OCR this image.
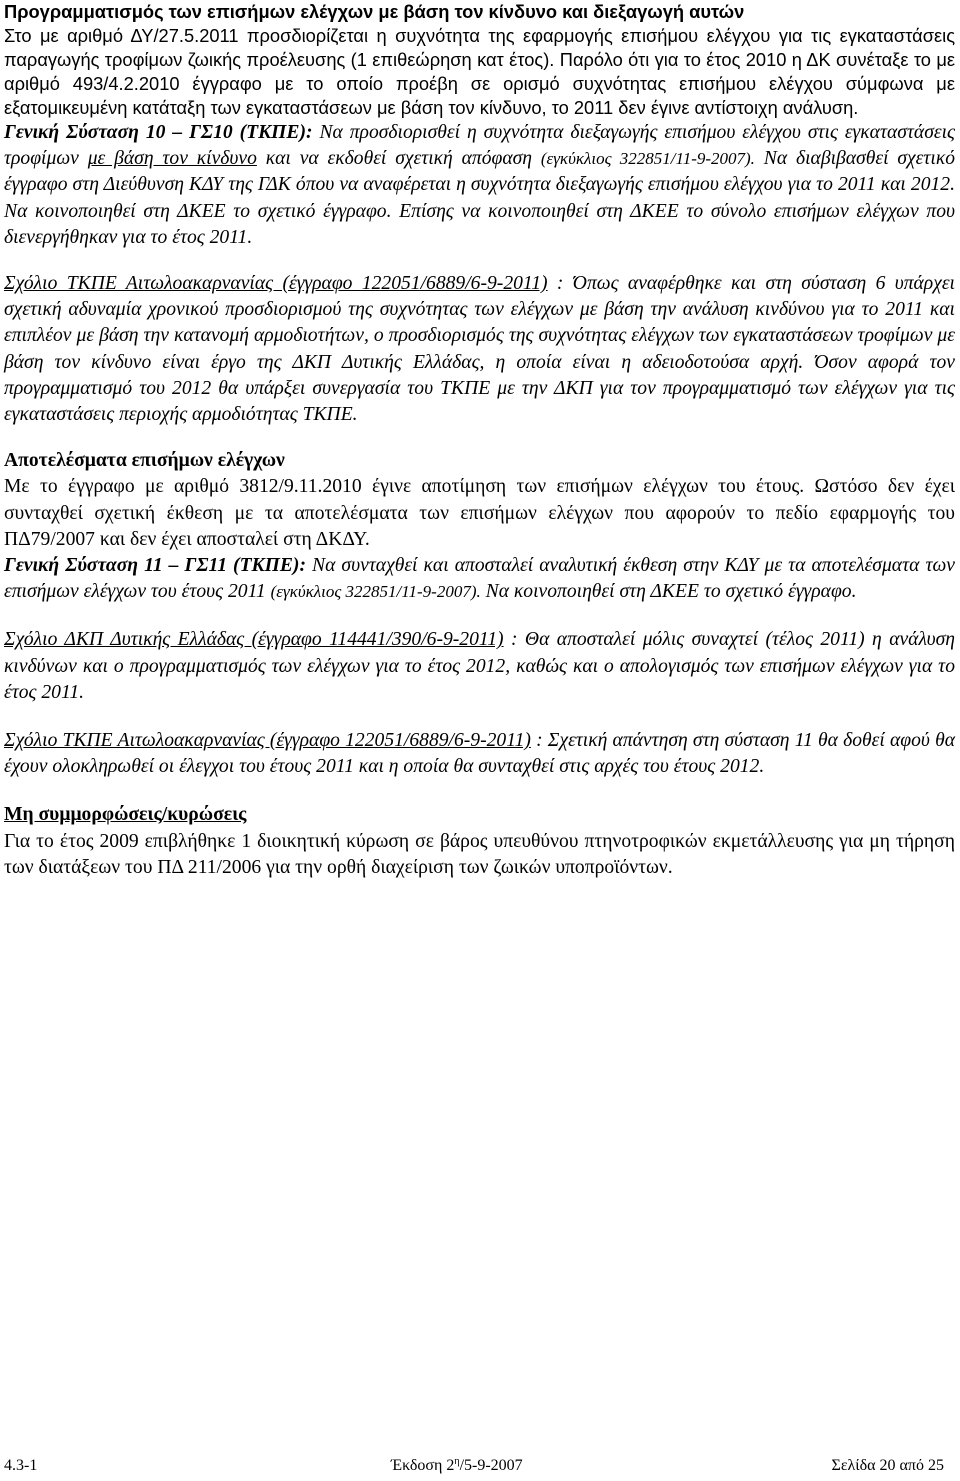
Προγραμματισμός των επισήμων ελέγχων με βάση τον κίνδυνο και διεξαγωγή αυτών

Στο με αριθμό ΔΥ/27.5.2011 προσδιορίζεται η συχνότητα της εφαρμογής επισήμου ελέγχου για τις εγκαταστάσεις παραγωγής τροφίμων ζωικής προέλευσης (1 επιθεώρηση κατ έτος). Παρόλο ότι για το έτος 2010 η ΔΚ συνέταξε το με αριθμό 493/4.2.2010 έγγραφο με το οποίο προέβη σε ορισμό συχνότητας επισήμου ελέγχου σύμφωνα με εξατομικευμένη κατάταξη των εγκαταστάσεων με βάση τον κίνδυνο, το 2011 δεν έγινε αντίστοιχη ανάλυση.

Γενική Σύσταση 10 – ΓΣ10 (ΤΚΠΕ): Να προσδιορισθεί η συχνότητα διεξαγωγής επισήμου ελέγχου στις εγκαταστάσεις τροφίμων με βάση τον κίνδυνο και να εκδοθεί σχετική απόφαση (εγκύκλιος 322851/11-9-2007). Να διαβιβασθεί σχετικό έγγραφο στη Διεύθυνση ΚΔΥ της ΓΔΚ όπου να αναφέρεται η συχνότητα διεξαγωγής επισήμου ελέγχου για το 2011 και 2012. Να κοινοποιηθεί στη ΔΚΕΕ το σχετικό έγγραφο. Επίσης να κοινοποιηθεί στη ΔΚΕΕ το σύνολο επισήμων ελέγχων που διενεργήθηκαν για το έτος 2011.

Σχόλιο ΤΚΠΕ Αιτωλοακαρνανίας (έγγραφο 122051/6889/6-9-2011) : Όπως αναφέρθηκε και στη σύσταση 6 υπάρχει σχετική αδυναμία χρονικού προσδιορισμού της συχνότητας των ελέγχων με βάση την ανάλυση κινδύνου για το 2011 και επιπλέον με βάση την κατανομή αρμοδιοτήτων, ο προσδιορισμός της συχνότητας ελέγχων των εγκαταστάσεων τροφίμων με βάση τον κίνδυνο είναι έργο της ΔΚΠ Δυτικής Ελλάδας, η οποία είναι η αδειοδοτούσα αρχή. Όσον αφορά τον προγραμματισμό του 2012 θα υπάρξει συνεργασία του ΤΚΠΕ με την ΔΚΠ για τον προγραμματισμό των ελέγχων για τις εγκαταστάσεις περιοχής αρμοδιότητας ΤΚΠΕ.

Αποτελέσματα επισήμων ελέγχων

Με το έγγραφο με αριθμό 3812/9.11.2010 έγινε αποτίμηση των επισήμων ελέγχων του έτους. Ωστόσο δεν έχει συνταχθεί σχετική έκθεση με τα αποτελέσματα των επισήμων ελέγχων που αφορούν το πεδίο εφαρμογής του ΠΔ79/2007 και δεν έχει αποσταλεί στη ΔΚΔΥ.

Γενική Σύσταση 11 – ΓΣ11 (ΤΚΠΕ): Να συνταχθεί και αποσταλεί αναλυτική έκθεση στην ΚΔΥ με τα αποτελέσματα των επισήμων ελέγχων του έτους 2011 (εγκύκλιος 322851/11-9-2007). Να κοινοποιηθεί στη ΔΚΕΕ το σχετικό έγγραφο.

Σχόλιο ΔΚΠ Δυτικής Ελλάδας (έγγραφο 114441/390/6-9-2011) : Θα αποσταλεί μόλις συναχτεί (τέλος 2011) η ανάλυση κινδύνων και ο προγραμματισμός των ελέγχων για το έτος 2012, καθώς και ο απολογισμός των επισήμων ελέγχων για το έτος 2011.

Σχόλιο ΤΚΠΕ Αιτωλοακαρνανίας (έγγραφο 122051/6889/6-9-2011) : Σχετική απάντηση στη σύσταση 11 θα δοθεί αφού θα έχουν ολοκληρωθεί οι έλεγχοι του έτους 2011 και η οποία θα συνταχθεί στις αρχές του έτους 2012.

Μη συμμορφώσεις/κυρώσεις

Για το έτος 2009 επιβλήθηκε 1 διοικητική κύρωση σε βάρος υπευθύνου πτηνοτροφικών εκμετάλλευσης για μη τήρηση των διατάξεων του ΠΔ 211/2006 για την ορθή διαχείριση των ζωικών υποπροϊόντων.

4.3-1	Έκδοση $2^\eta/5-9-2007$	Σελίδα 20 από 25
